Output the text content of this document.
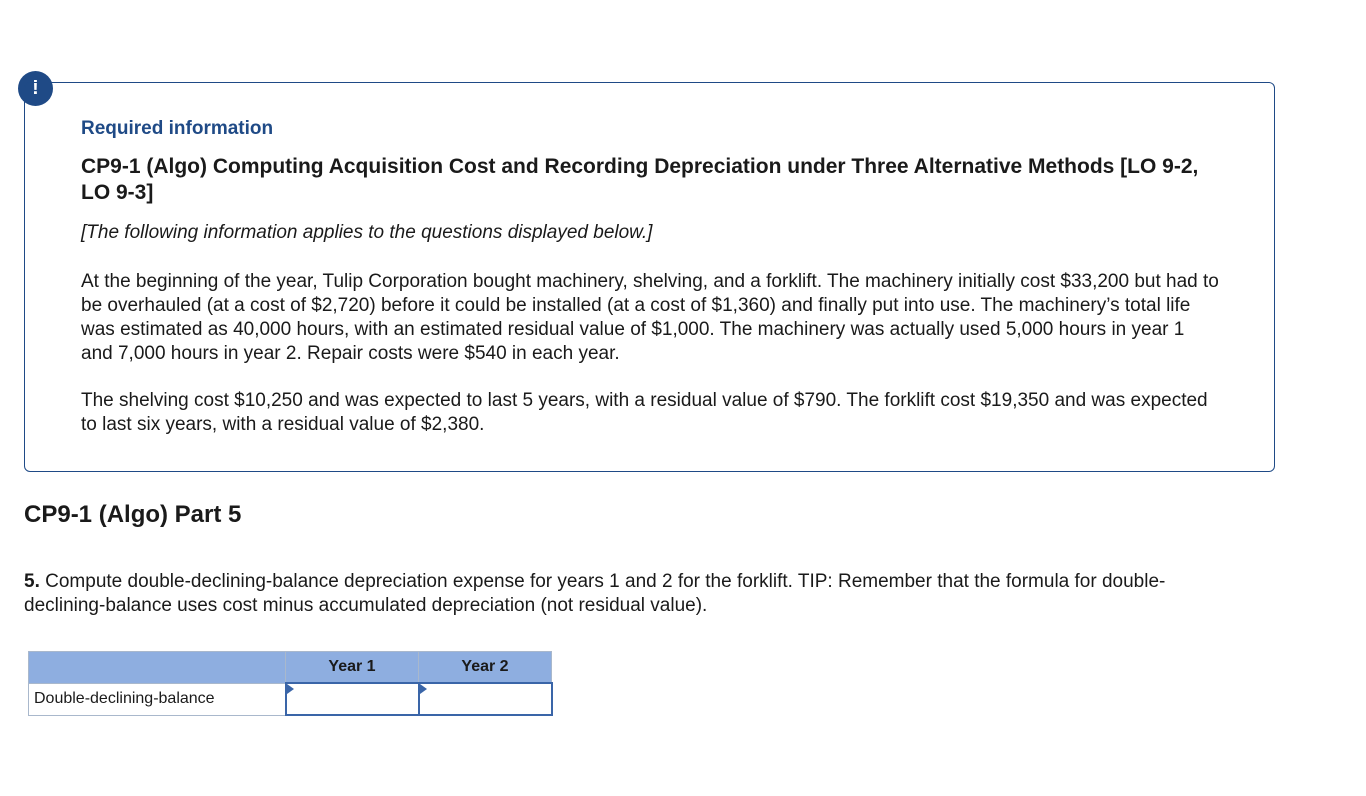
!
Required information
CP9-1 (Algo) Computing Acquisition Cost and Recording Depreciation under Three Alternative Methods [LO 9-2, LO 9-3]
[The following information applies to the questions displayed below.]
At the beginning of the year, Tulip Corporation bought machinery, shelving, and a forklift. The machinery initially cost $33,200 but had to be overhauled (at a cost of $2,720) before it could be installed (at a cost of $1,360) and finally put into use. The machinery’s total life was estimated as 40,000 hours, with an estimated residual value of $1,000. The machinery was actually used 5,000 hours in year 1 and 7,000 hours in year 2. Repair costs were $540 in each year.
The shelving cost $10,250 and was expected to last 5 years, with a residual value of $790. The forklift cost $19,350 and was expected to last six years, with a residual value of $2,380.
CP9-1 (Algo) Part 5
5. Compute double-declining-balance depreciation expense for years 1 and 2 for the forklift. TIP: Remember that the formula for double-declining-balance uses cost minus accumulated depreciation (not residual value).
	Year 1	Year 2
Double-declining-balance	
